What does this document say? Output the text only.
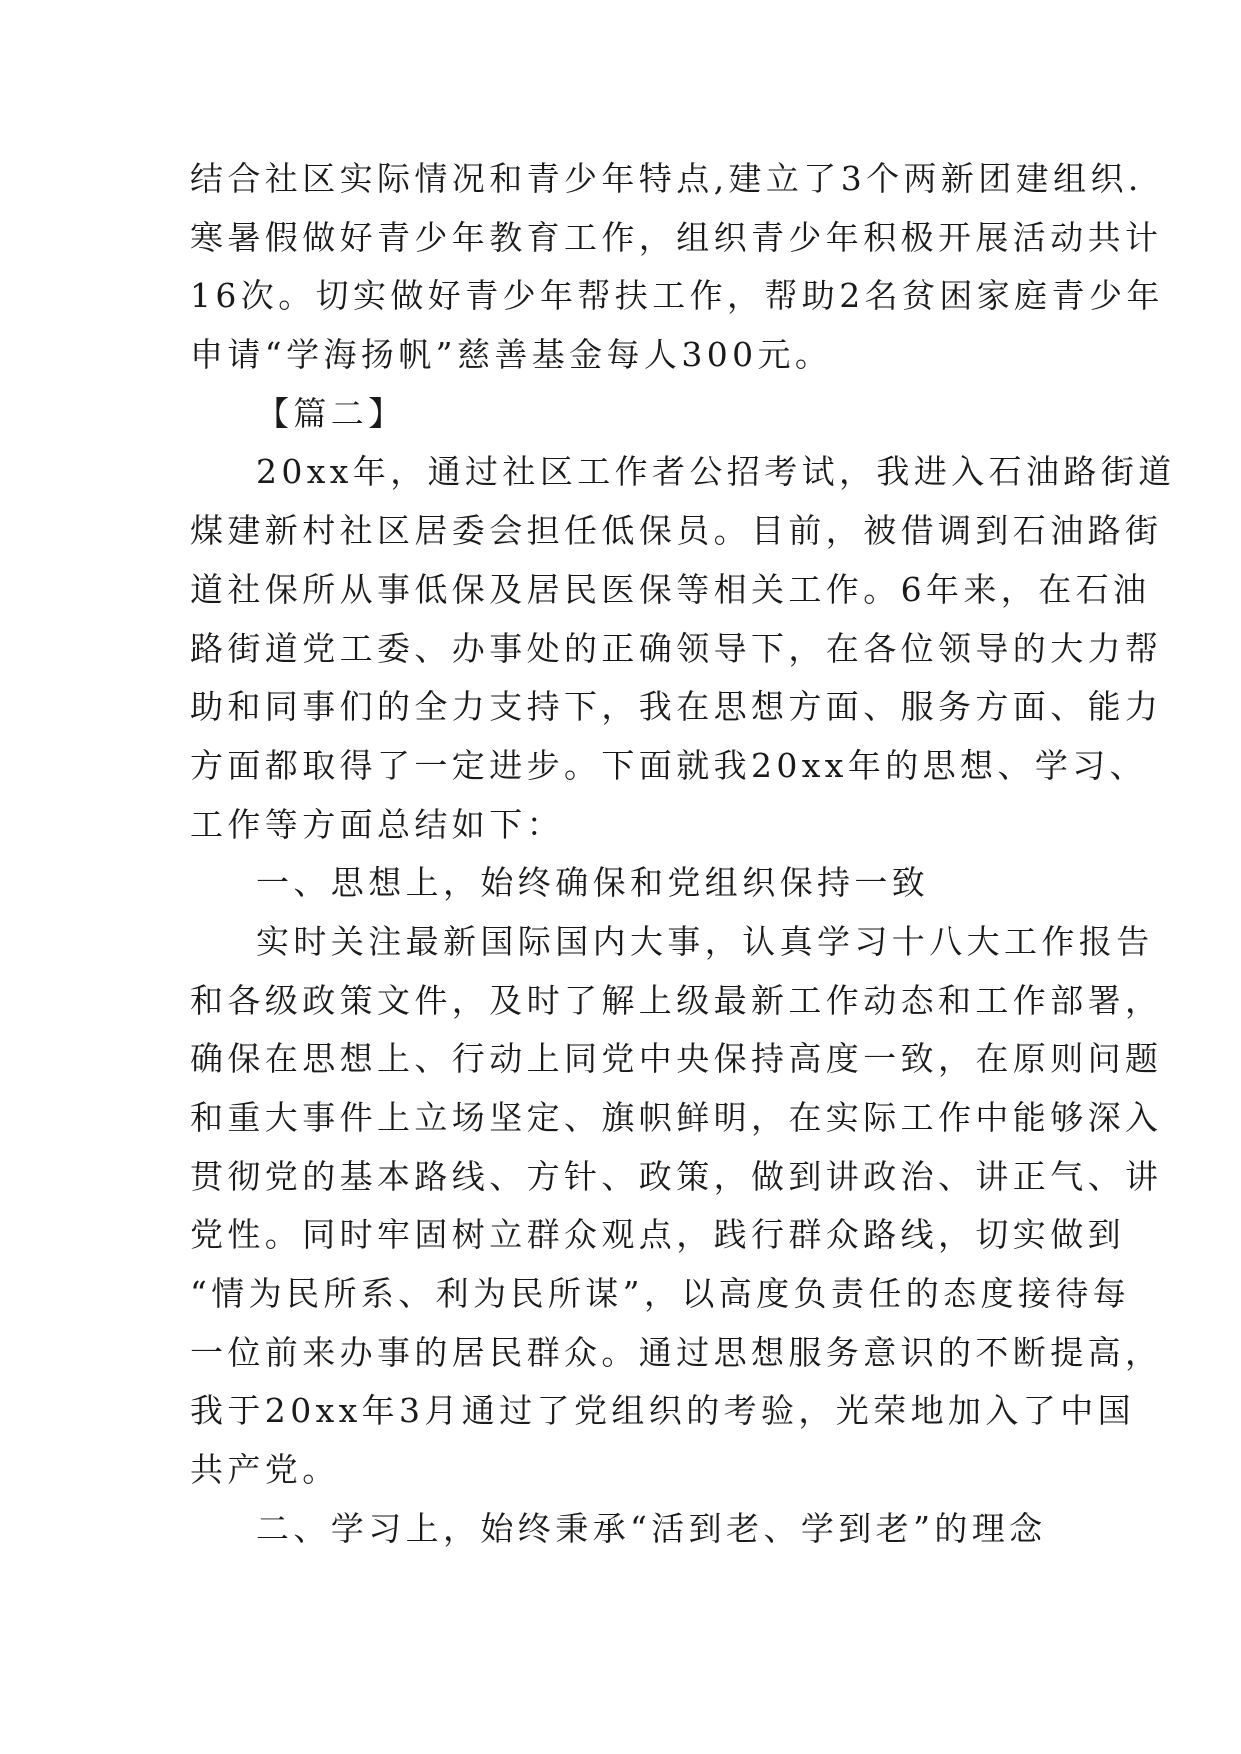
结合社区实际情况和青少年特点,建立了3个两新团建组织.
寒暑假做好青少年教育工作，组织青少年积极开展活动共计
16次。切实做好青少年帮扶工作，帮助2名贫困家庭青少年
申请“学海扬帆”慈善基金每人300元。
【篇二】
20xx年，通过社区工作者公招考试，我进入石油路街道
煤建新村社区居委会担任低保员。目前，被借调到石油路街
道社保所从事低保及居民医保等相关工作。6年来，在石油
路街道党工委、办事处的正确领导下，在各位领导的大力帮
助和同事们的全力支持下，我在思想方面、服务方面、能力
方面都取得了一定进步。下面就我20xx年的思想、学习、
工作等方面总结如下：
一、思想上，始终确保和党组织保持一致
实时关注最新国际国内大事，认真学习十八大工作报告
和各级政策文件，及时了解上级最新工作动态和工作部署，
确保在思想上、行动上同党中央保持高度一致，在原则问题
和重大事件上立场坚定、旗帜鲜明，在实际工作中能够深入
贯彻党的基本路线、方针、政策，做到讲政治、讲正气、讲
党性。同时牢固树立群众观点，践行群众路线，切实做到
“情为民所系、利为民所谋”，以高度负责任的态度接待每
一位前来办事的居民群众。通过思想服务意识的不断提高，
我于20xx年3月通过了党组织的考验，光荣地加入了中国
共产党。
二、学习上，始终秉承“活到老、学到老”的理念
